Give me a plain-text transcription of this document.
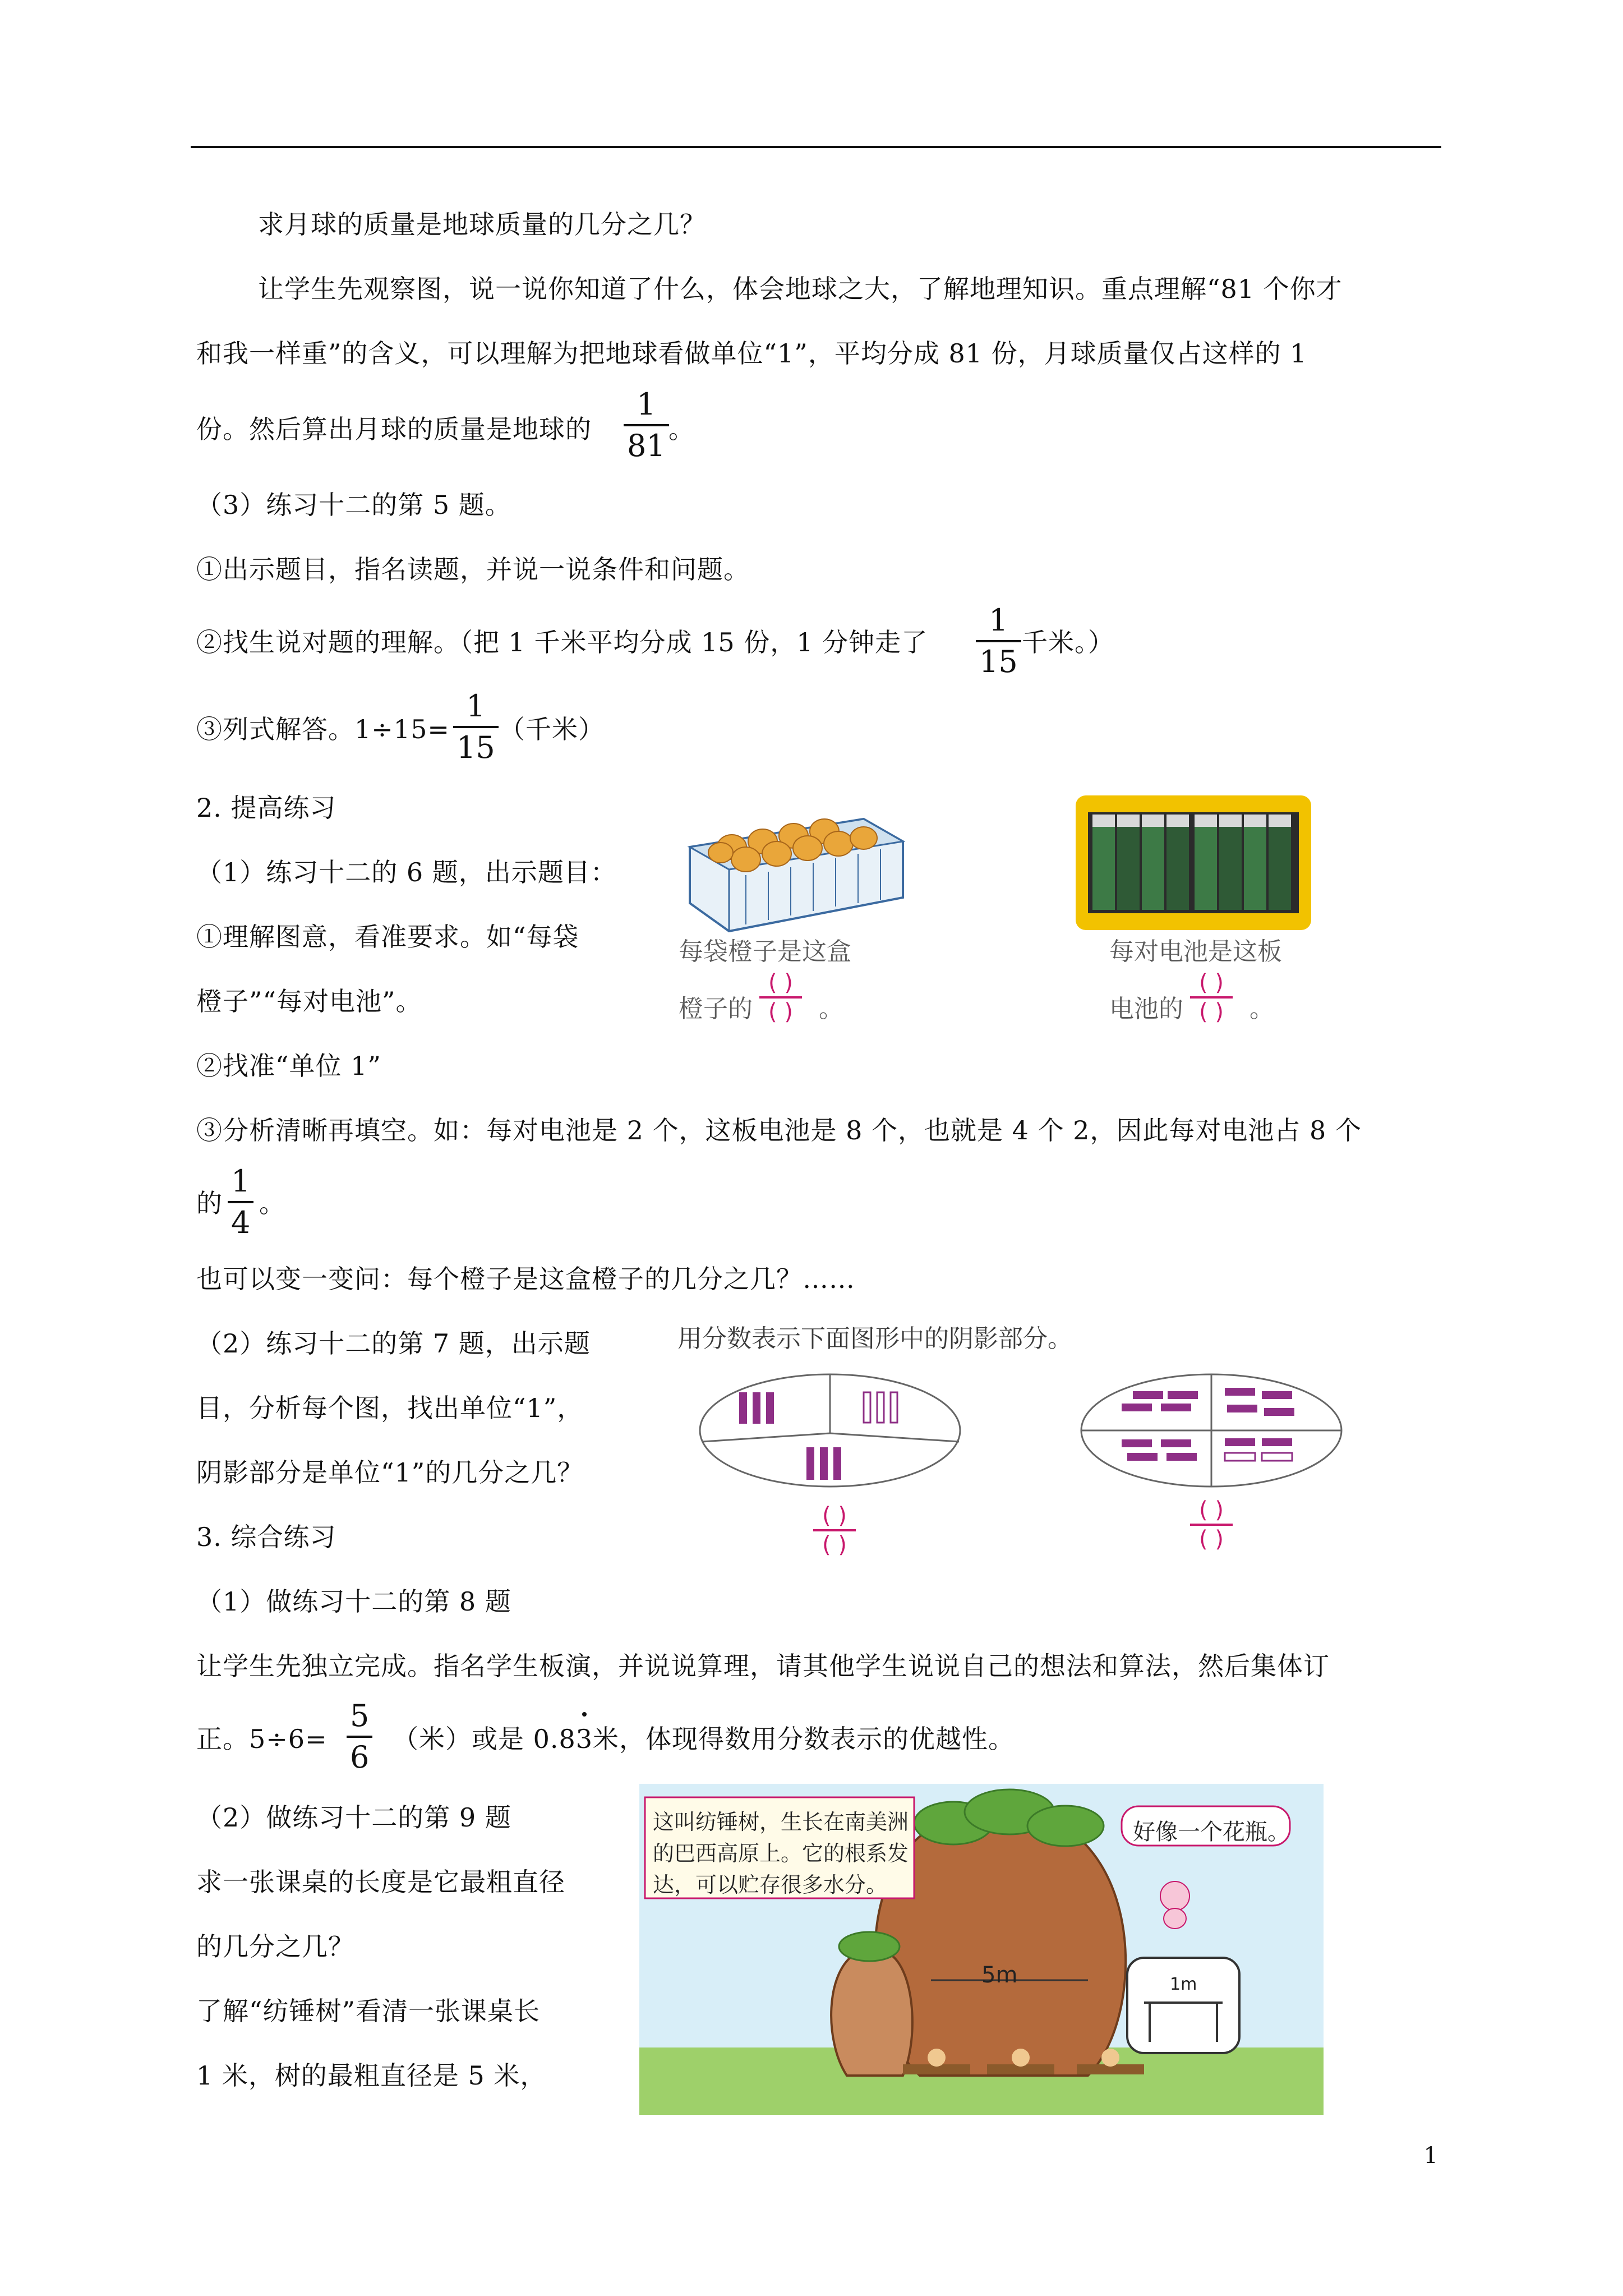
求月球的质量是地球质量的几分之几？
让学生先观察图，说一说你知道了什么，体会地球之大，了解地理知识。重点理解“81 个你才
和我一样重”的含义，可以理解为把地球看做单位“1”，平均分成 81 份，月球质量仅占这样的 1
份。然后算出月球的质量是地球的
1
81 。
（3）练习十二的第 5 题。
①出示题目，指名读题，并说一说条件和问题。
②找生说对题的理解。（把 1 千米平均分成 15 份，1 分钟走了
1
15
千米。）
③列式解答。1÷15=
1
15
（千米）
2. 提高练习
（1）练习十二的 6 题，出示题目：
①理解图意，看准要求。如“每袋
橙子”“每对电池”。
②找准“单位 1”
③分析清晰再填空。如：每对电池是 2 个，这板电池是 8 个，也就是 4 个 2，因此每对电池占 8 个
的
1
4
。
也可以变一变问：每个橙子是这盒橙子的几分之几？……
（2）练习十二的第 7 题，出示题
目，分析每个图，找出单位“1”，
阴影部分是单位“1”的几分之几？
3. 综合练习
（1）做练习十二的第 8 题
让学生先独立完成。指名学生板演，并说说算理，请其他学生说说自己的想法和算法，然后集体订
正。5÷6=
5
6
（米）或是 0.83米，体现得数用分数表示的优越性。
（2）做练习十二的第 9 题
求一张课桌的长度是它最粗直径
的几分之几？
了解“纺锤树”看清一张课桌长
1 米，树的最粗直径是 5 米，
每袋橙子是这盒
橙子的
( )
( ) 。
每对电池是这板
电池的
( )
( ) 。
用分数表示下面图形中的阴影部分。
( )
( )
( )
( )
这叫纺锤树，生长在南美洲
的巴西高原上。它的根系发
达，可以贮存很多水分。
好像一个花瓶。
5m	1m
1
